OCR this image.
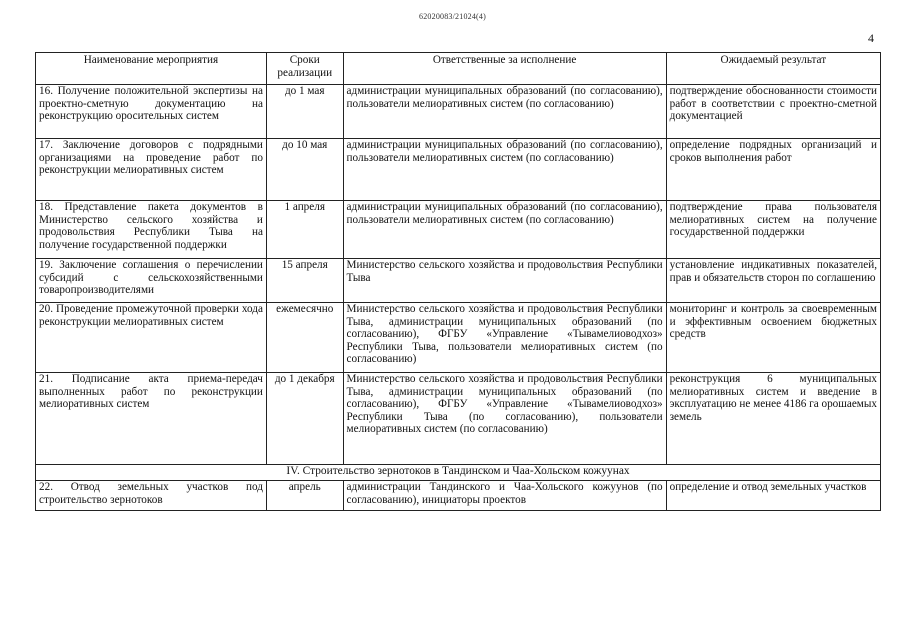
62020083/21024(4)
4
Наименование мероприятия	Сроки реализации	Ответственные за исполнение	Ожидаемый результат
16. Получение положительной экспертизы на проектно-сметную документацию на реконструкцию оросительных систем	до 1 мая	администрации муниципальных образований (по согласованию), пользователи мелиоративных систем (по согласованию)	подтверждение обоснованности стоимости работ в соответствии с проектно-сметной документацией
17. Заключение договоров с подрядными организациями на проведение работ по реконструкции мелиоративных систем	до 10 мая	администрации муниципальных образований (по согласованию), пользователи мелиоративных систем (по согласованию)	определение подрядных организаций и сроков выполнения работ
18. Представление пакета документов в Министерство сельского хозяйства и продовольствия Республики Тыва на получение государственной поддержки	1 апреля	администрации муниципальных образований (по согласованию), пользователи мелиоративных систем (по согласованию)	подтверждение права пользователя мелиоративных систем на получение государственной поддержки
19. Заключение соглашения о перечислении субсидий с сельскохозяйственными товаропроизводителями	15 апреля	Министерство сельского хозяйства и продовольствия Республики Тыва	установление индикативных показателей, прав и обязательств сторон по соглашению
20. Проведение промежуточной проверки хода реконструкции мелиоративных систем	ежемесячно	Министерство сельского хозяйства и продовольствия Республики Тыва, администрации муниципальных образований (по согласованию), ФГБУ «Управление «Тывамелиоводхоз» Республики Тыва, пользователи мелиоративных систем (по согласованию)	мониторинг и контроль за своевременным и эффективным освоением бюджетных средств
21. Подписание акта приема-передач выполненных работ по реконструкции мелиоративных систем	до 1 декабря	Министерство сельского хозяйства и продовольствия Республики Тыва, администрации муниципальных образований (по согласованию), ФГБУ «Управление «Тывамелиоводхоз» Республики Тыва (по согласованию), пользователи мелиоративных систем (по согласованию)	реконструкция 6 муниципальных мелиоративных систем и введение в эксплуатацию не менее 4186 га орошаемых земель
IV. Строительство зернотоков в Тандинском и Чаа-Хольском кожуунах			
22. Отвод земельных участков под строительство зернотоков	апрель	администрации Тандинского и Чаа-Хольского кожуунов (по согласованию), инициаторы проектов	определение и отвод земельных участков
